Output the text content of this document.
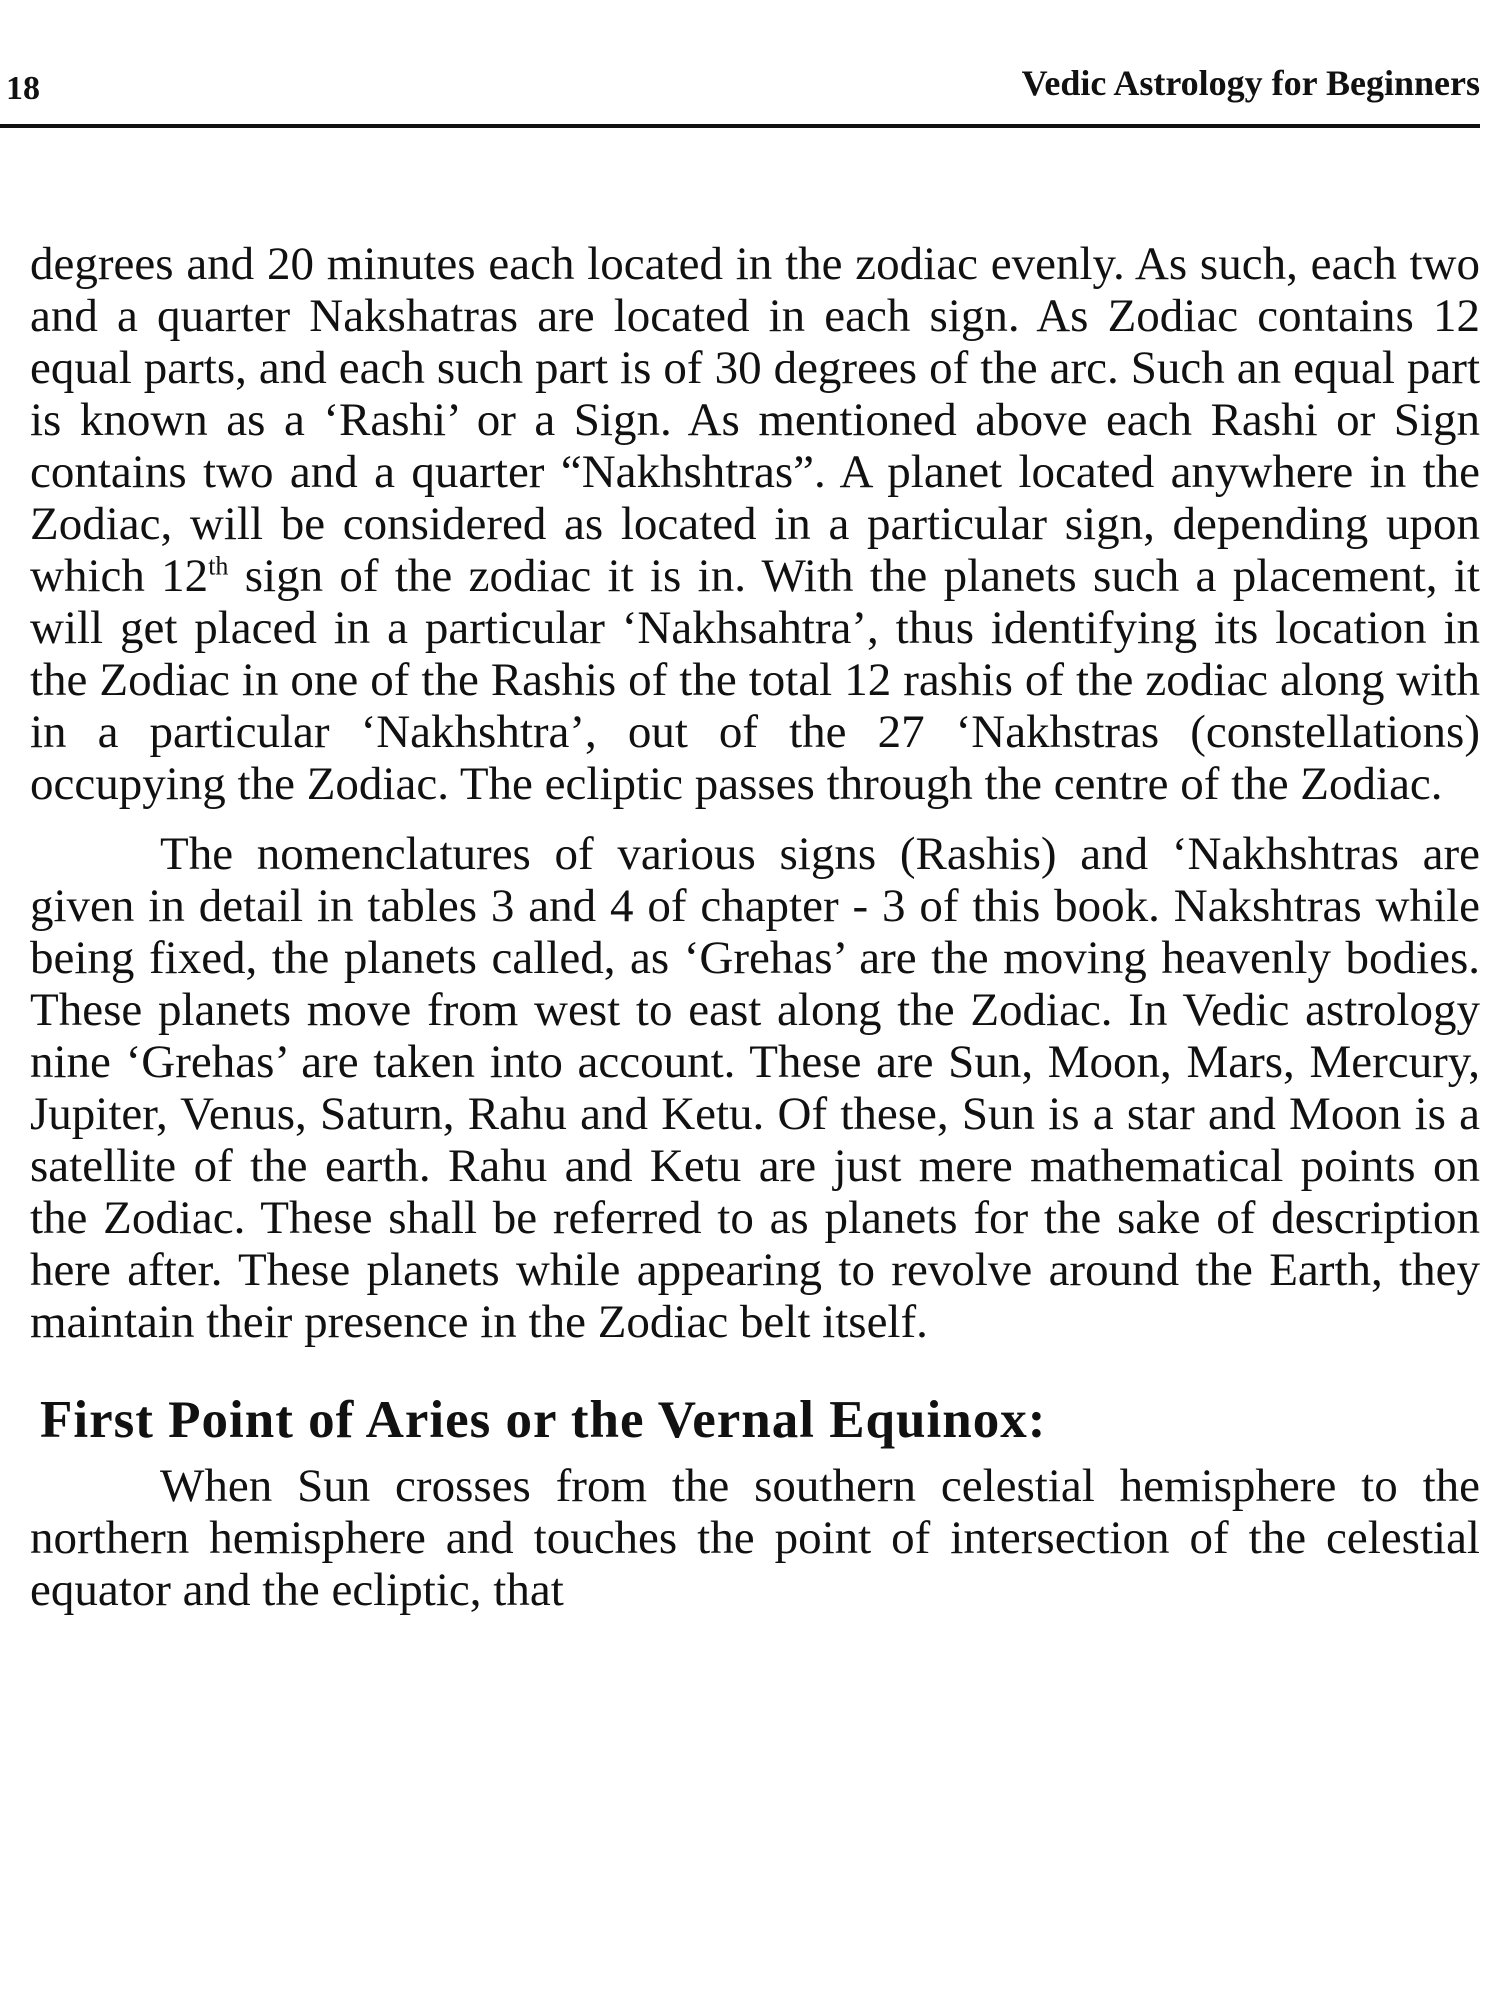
18	Vedic Astrology for Beginners

degrees and 20 minutes each located in the zodiac evenly. As such, each two and a quarter Nakshatras are located in each sign. As Zodiac contains 12 equal parts, and each such part is of 30 degrees of the arc. Such an equal part is known as a ‘Rashi’ or a Sign. As mentioned above each Rashi or Sign contains two and a quarter “Nakhshtras”. A planet located anywhere in the Zodiac, will be considered as located in a particular sign, depending upon which 12th sign of the zodiac it is in. With the planets such a placement, it will get placed in a particular ‘Nakhsahtra’, thus identifying its location in the Zodiac in one of the Rashis of the total 12 rashis of the zodiac along with in a particular ‘Nakhshtra’, out of the 27 ‘Nakhstras (constellations) occupying the Zodiac. The ecliptic passes through the centre of the Zodiac.

The nomenclatures of various signs (Rashis) and ‘Nakhshtras are given in detail in tables 3 and 4 of chapter - 3 of this book. Nakshtras while being fixed, the planets called, as ‘Grehas’ are the moving heavenly bodies. These planets move from west to east along the Zodiac. In Vedic astrology nine ‘Grehas’ are taken into account. These are Sun, Moon, Mars, Mercury, Jupiter, Venus, Saturn, Rahu and Ketu. Of these, Sun is a star and Moon is a satellite of the earth. Rahu and Ketu are just mere mathematical points on the Zodiac. These shall be referred to as planets for the sake of description here after. These planets while appearing to revolve around the Earth, they maintain their presence in the Zodiac belt itself.

First Point of Aries or the Vernal Equinox:

When Sun crosses from the southern celestial hemisphere to the northern hemisphere and touches the point of intersection of the celestial equator and the ecliptic, that
